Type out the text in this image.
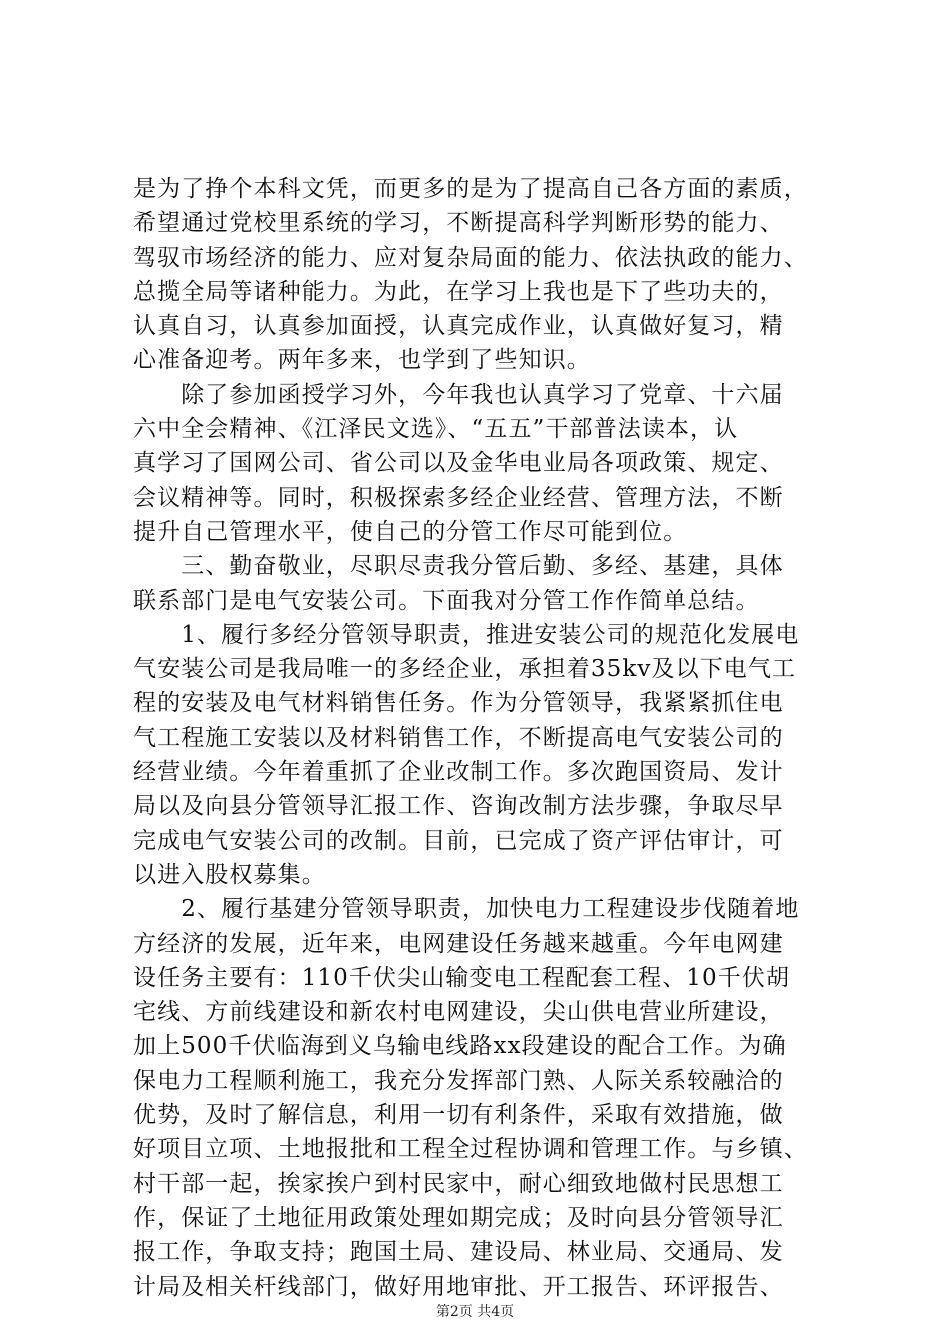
是为了挣个本科文凭，而更多的是为了提高自己各方面的素质，
希望通过党校里系统的学习，不断提高科学判断形势的能力、
驾驭市场经济的能力、应对复杂局面的能力、依法执政的能力、
总揽全局等诸种能力。为此，在学习上我也是下了些功夫的，
认真自习，认真参加面授，认真完成作业，认真做好复习，精
心准备迎考。两年多来，也学到了些知识。
　　除了参加函授学习外，今年我也认真学习了党章、十六届
六中全会精神、《江泽民文选》、“五五”干部普法读本，认
真学习了国网公司、省公司以及金华电业局各项政策、规定、
会议精神等。同时，积极探索多经企业经营、管理方法，不断
提升自己管理水平，使自己的分管工作尽可能到位。
　　三、勤奋敬业，尽职尽责我分管后勤、多经、基建，具体
联系部门是电气安装公司。下面我对分管工作作简单总结。
　　1、履行多经分管领导职责，推进安装公司的规范化发展电
气安装公司是我局唯一的多经企业，承担着35kv及以下电气工
程的安装及电气材料销售任务。作为分管领导，我紧紧抓住电
气工程施工安装以及材料销售工作，不断提高电气安装公司的
经营业绩。今年着重抓了企业改制工作。多次跑国资局、发计
局以及向县分管领导汇报工作、咨询改制方法步骤，争取尽早
完成电气安装公司的改制。目前，已完成了资产评估审计，可
以进入股权募集。
　　2、履行基建分管领导职责，加快电力工程建设步伐随着地
方经济的发展，近年来，电网建设任务越来越重。今年电网建
设任务主要有：110千伏尖山输变电工程配套工程、10千伏胡
宅线、方前线建设和新农村电网建设，尖山供电营业所建设，
加上500千伏临海到义乌输电线路xx段建设的配合工作。为确
保电力工程顺利施工，我充分发挥部门熟、人际关系较融洽的
优势，及时了解信息，利用一切有利条件，采取有效措施，做
好项目立项、土地报批和工程全过程协调和管理工作。与乡镇、
村干部一起，挨家挨户到村民家中，耐心细致地做村民思想工
作，保证了土地征用政策处理如期完成；及时向县分管领导汇
报工作，争取支持；跑国土局、建设局、林业局、交通局、发
计局及相关杆线部门，做好用地审批、开工报告、环评报告、
第2页 共4页
